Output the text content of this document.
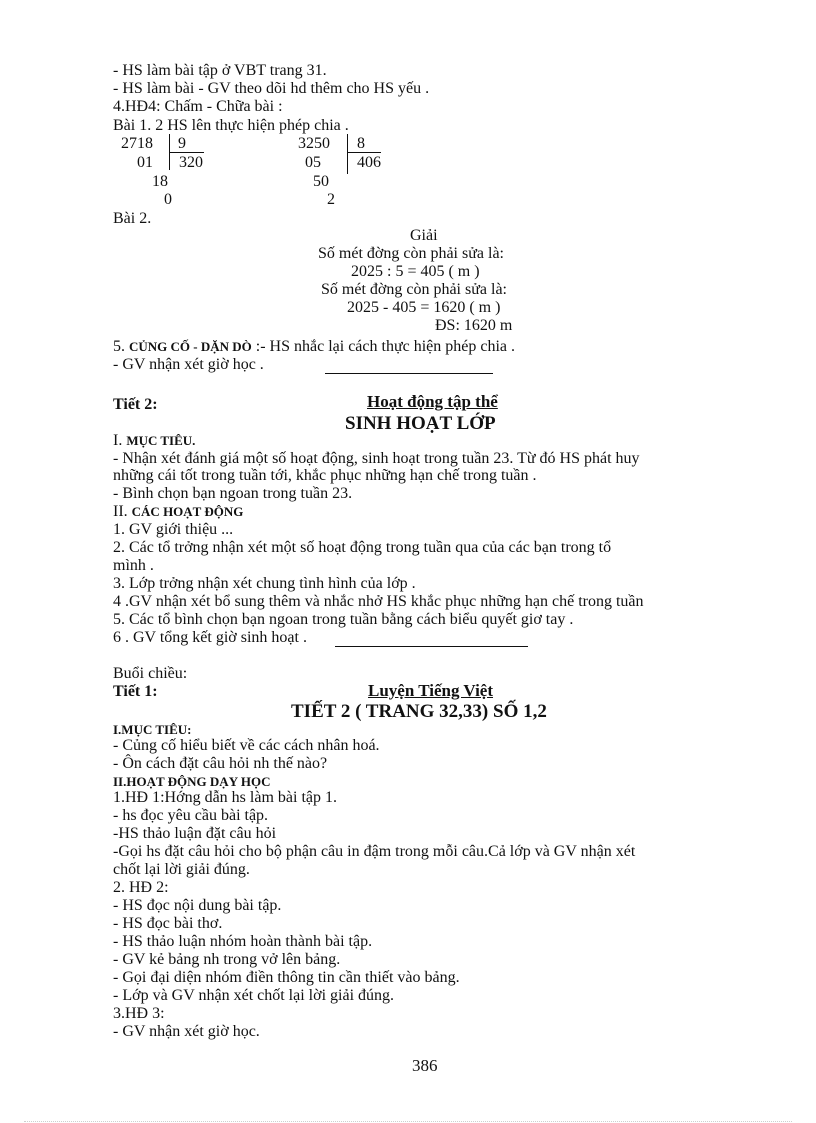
- HS làm bài tập ở VBT trang 31.
- HS làm bài - GV theo dõi hd thêm cho HS yếu .
4.HĐ4: Chấm - Chữa bài :
Bài 1. 2 HS lên thực hiện phép chia .
2718 9
01 320
18
0
3250 8
05 406
50
2
Bài 2.
Giải
Số mét đờng còn phải sửa là:
2025 : 5 = 405 ( m )
Số mét đờng còn phải sửa là:
2025 - 405 = 1620 ( m )
ĐS: 1620 m
5. CỦNG CỐ - DẶN DÒ :- HS nhắc lại cách thực hiện phép chia .
- GV nhận xét giờ học .
Tiết 2:	Hoạt động tập thể
SINH HOẠT LỚP
I. MỤC TIÊU.
- Nhận xét đánh giá một số hoạt động, sinh hoạt trong tuần 23. Từ đó HS phát huy
những cái tốt trong tuần tới, khắc phục những hạn chế trong tuần .
- Bình chọn bạn ngoan trong tuần 23.
II. CÁC HOẠT ĐỘNG
1. GV giới thiệu ...
2. Các tổ trởng nhận xét một số hoạt động trong tuần qua của các bạn trong tổ
mình .
3. Lớp trởng nhận xét chung tình hình của lớp .
4 .GV nhận xét bổ sung thêm và nhắc nhở HS khắc phục những hạn chế trong tuần
5. Các tổ bình chọn bạn ngoan trong tuần bằng cách biểu quyết giơ tay .
6 . GV tổng kết giờ sinh hoạt .
Buổi chiều:
Tiết 1:	Luyện Tiếng Việt
TIẾT 2 ( TRANG 32,33) SỐ 1,2
I.MỤC TIÊU:
- Củng cố hiểu biết về các cách nhân hoá.
- Ôn cách đặt câu hỏi nh thế nào?
II.HOẠT ĐỘNG DẠY HỌC
1.HĐ 1:Hớng dẫn hs làm bài tập 1.
- hs đọc yêu cầu bài tập.
-HS thảo luận đặt câu hỏi
-Gọi hs đặt câu hỏi cho bộ phận câu in đậm trong mỗi câu.Cả lớp và GV nhận xét
chốt lại lời giải đúng.
2. HĐ 2:
- HS đọc nội dung bài tập.
- HS đọc bài thơ.
- HS thảo luận nhóm hoàn thành bài tập.
- GV kẻ bảng nh trong vở lên bảng.
- Gọi đại diện nhóm điền thông tin cần thiết vào bảng.
- Lớp và GV nhận xét chốt lại lời giải đúng.
3.HĐ 3:
- GV nhận xét giờ học.
386
